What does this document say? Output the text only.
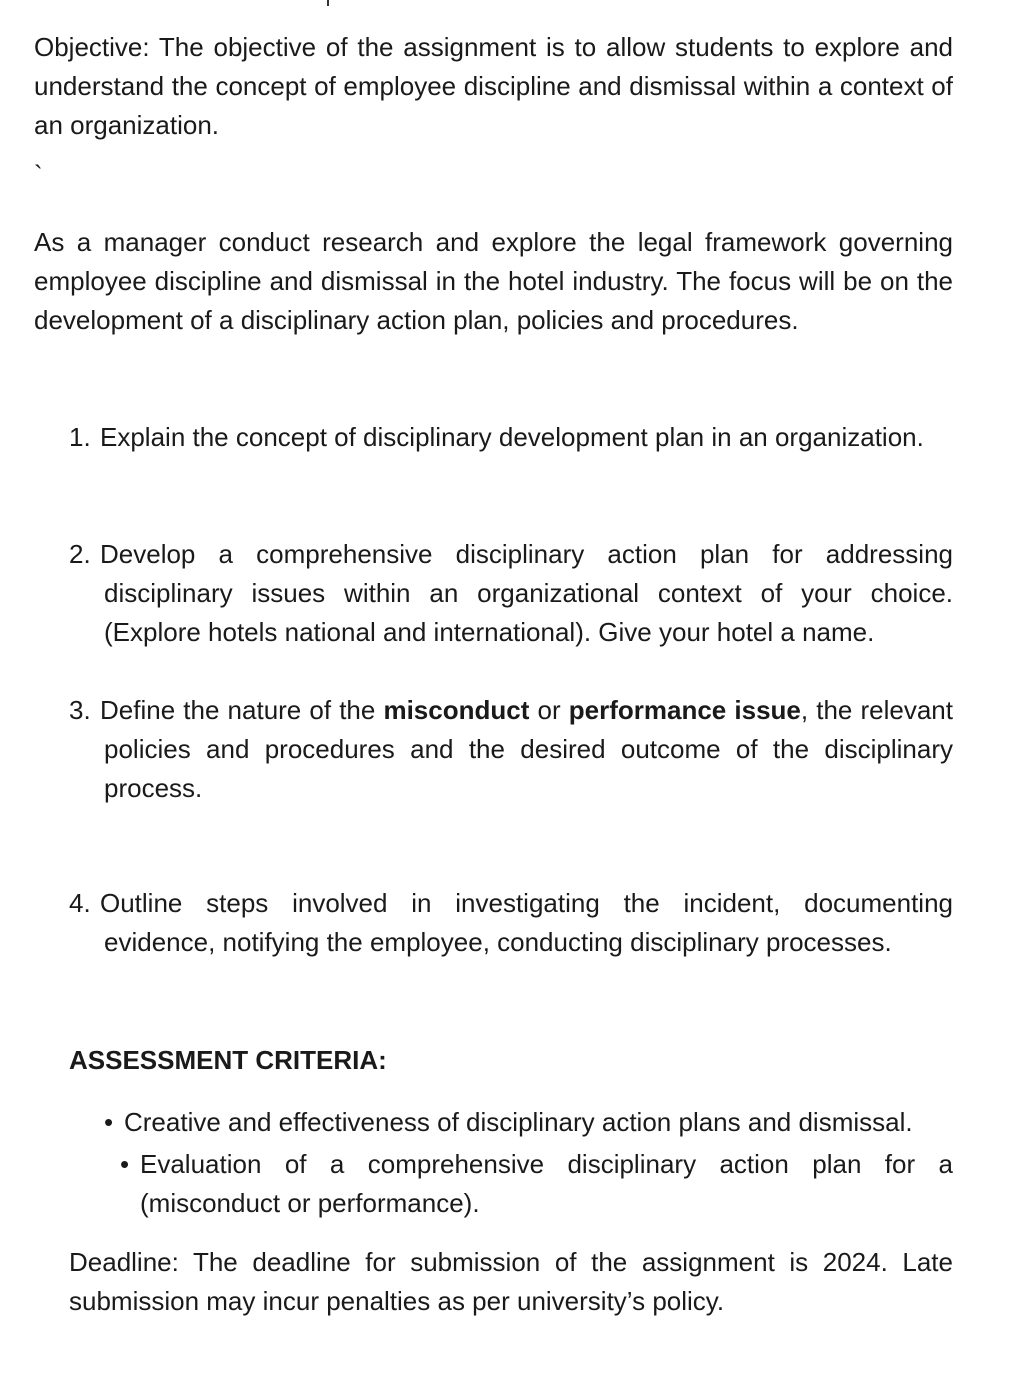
Objective: The objective of the assignment is to allow students to explore and understand the concept of employee discipline and dismissal within a context of an organization.

`

As a manager conduct research and explore the legal framework governing employee discipline and dismissal in the hotel industry. The focus will be on the development of a disciplinary action plan, policies and procedures.

1. Explain the concept of disciplinary development plan in an organization.

2. Develop a comprehensive disciplinary action plan for addressing disciplinary issues within an organizational context of your choice. (Explore hotels national and international). Give your hotel a name.

3. Define the nature of the misconduct or performance issue, the relevant policies and procedures and the desired outcome of the disciplinary process.

4. Outline steps involved in investigating the incident, documenting evidence, notifying the employee, conducting disciplinary processes.

ASSESSMENT CRITERIA:

• Creative and effectiveness of disciplinary action plans and dismissal.

• Evaluation of a comprehensive disciplinary action plan for a (misconduct or performance).

Deadline: The deadline for submission of the assignment is 2024. Late submission may incur penalties as per university’s policy.
